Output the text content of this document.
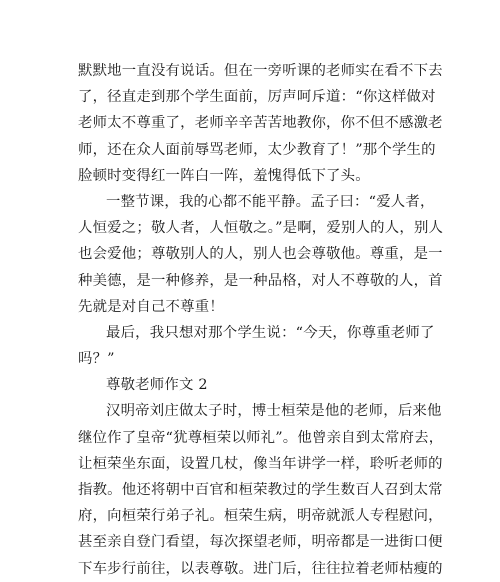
默默地一直没有说话。但在一旁听课的老师实在看不下去
了，径直走到那个学生面前，厉声呵斥道：“你这样做对
老师太不尊重了，老师辛辛苦苦地教你，你不但不感激老
师，还在众人面前辱骂老师，太少教育了！”那个学生的
脸顿时变得红一阵白一阵，羞愧得低下了头。
一整节课，我的心都不能平静。孟子曰：“爱人者，
人恒爱之；敬人者，人恒敬之。”是啊，爱别人的人，别人
也会爱他；尊敬别人的人，别人也会尊敬他。尊重，是一
种美德，是一种修养，是一种品格，对人不尊敬的人，首
先就是对自己不尊重！
最后，我只想对那个学生说：“今天，你尊重老师了
吗？”
尊敬老师作文 2
汉明帝刘庄做太子时，博士桓荣是他的老师，后来他
继位作了皇帝“犹尊桓荣以师礼”。他曾亲自到太常府去，
让桓荣坐东面，设置几杖，像当年讲学一样，聆听老师的
指教。他还将朝中百官和桓荣教过的学生数百人召到太常
府，向桓荣行弟子礼。桓荣生病，明帝就派人专程慰问，
甚至亲自登门看望，每次探望老师，明帝都是一进街口便
下车步行前往，以表尊敬。进门后，往往拉着老师枯瘦的
